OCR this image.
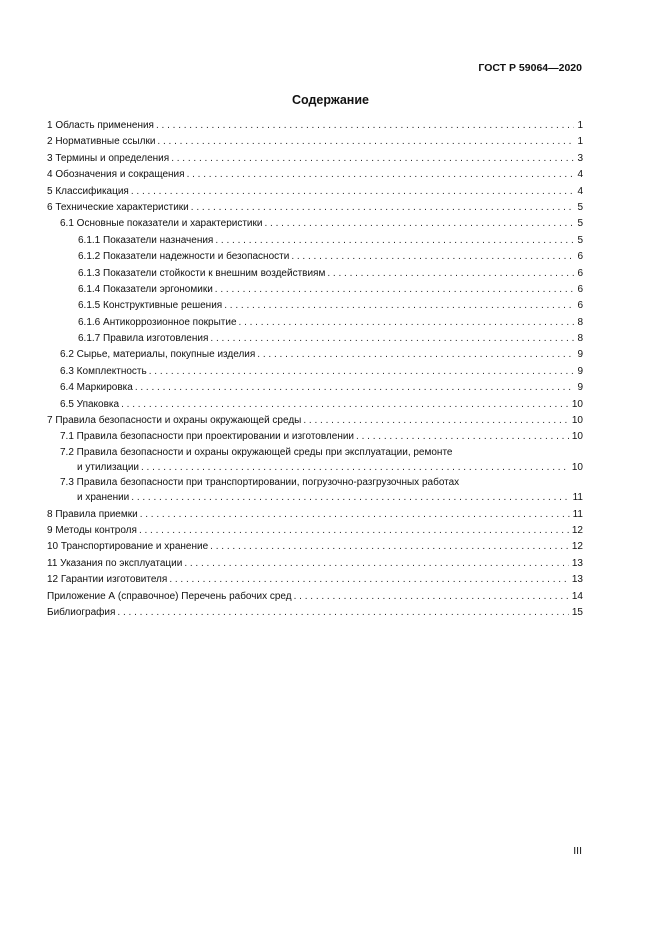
ГОСТ Р 59064—2020
Содержание
1 Область применения . . .	1
2 Нормативные ссылки . . .	1
3 Термины и определения . . .	3
4 Обозначения и сокращения . . .	4
5 Классификация . . .	4
6 Технические характеристики . . .	5
6.1 Основные показатели и характеристики . . .	5
6.1.1 Показатели назначения . . .	5
6.1.2 Показатели надежности и безопасности . . .	6
6.1.3 Показатели стойкости к внешним воздействиям . . .	6
6.1.4 Показатели эргономики . . .	6
6.1.5 Конструктивные решения . . .	6
6.1.6 Антикоррозионное покрытие . . .	8
6.1.7 Правила изготовления . . .	8
6.2 Сырье, материалы, покупные изделия . . .	9
6.3 Комплектность . . .	9
6.4 Маркировка . . .	9
6.5 Упаковка . . .	10
7 Правила безопасности и охраны окружающей среды . . .	10
7.1 Правила безопасности при проектировании и изготовлении . . .	10
7.2 Правила безопасности и охраны окружающей среды при эксплуатации, ремонте
и утилизации . . .	10
7.3 Правила безопасности при транспортировании, погрузочно-разгрузочных работах
и хранении . . .	11
8 Правила приемки . . .	11
9 Методы контроля . . .	12
10 Транспортирование и хранение . . .	12
11 Указания по эксплуатации . . .	13
12 Гарантии изготовителя . . .	13
Приложение А (справочное) Перечень рабочих сред . . .	14
Библиография . . .	15
III
